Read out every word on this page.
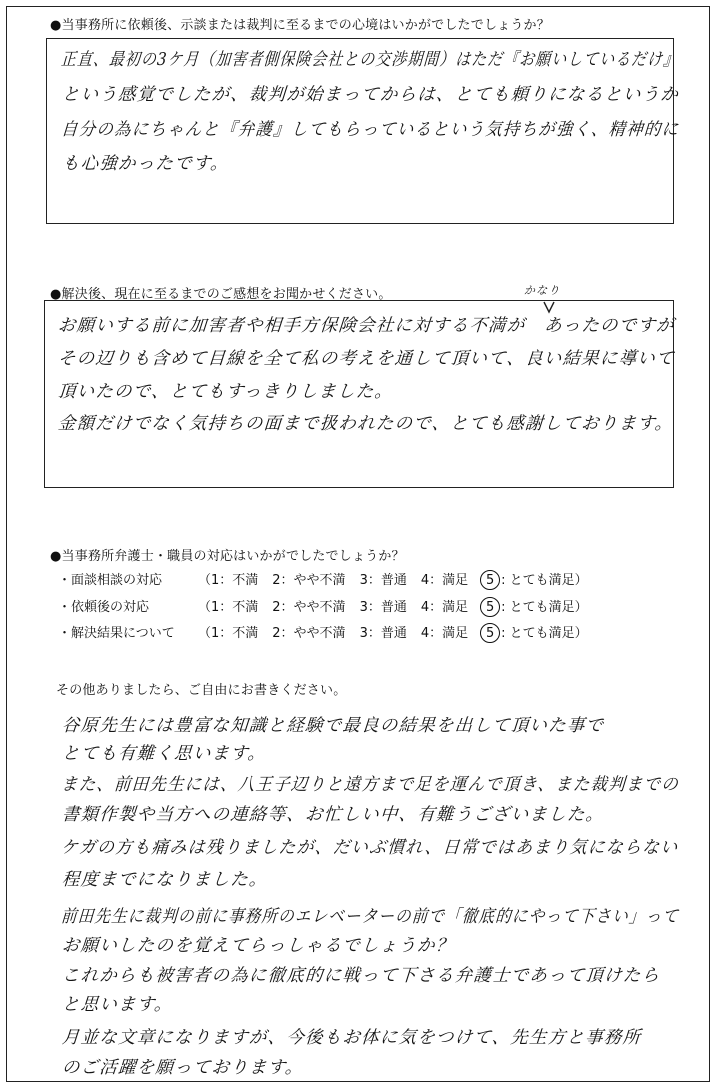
●当事務所に依頼後、示談または裁判に至るまでの心境はいかがでしたでしょうか？
正直、最初の3ケ月（加害者側保険会社との交渉期間）はただ『お願いしているだけ』
という感覚でしたが、裁判が始まってからは、とても頼りになるというか
自分の為にちゃんと『弁護』してもらっているという気持ちが強く、精神的に
も心強かったです。
●解決後、現在に至るまでのご感想をお聞かせください。	かなり
お願いする前に加害者や相手方保険会社に対する不満が　あったのですが
その辺りも含めて目線を全て私の考えを通して頂いて、良い結果に導いて
頂いたので、とてもすっきりしました。
金額だけでなく気持ちの面まで扱われたので、とても感謝しております。
●当事務所弁護士・職員の対応はいかがでしたでしょうか？
・面談相談の対応	（1：不満 2：やや不満 3：普通 4：満足 5 : とても満足）
・依頼後の対応	（1：不満 2：やや不満 3：普通 4：満足 5 : とても満足）
・解決結果について （1：不満 2：やや不満 3：普通 4：満足 5 : とても満足）
その他ありましたら、ご自由にお書きください。
谷原先生には豊富な知識と経験で最良の結果を出して頂いた事で
とても有難く思います。
また、前田先生には、八王子辺りと遠方まで足を運んで頂き、また裁判までの
書類作製や当方への連絡等、お忙しい中、有難うございました。
ケガの方も痛みは残りましたが、だいぶ慣れ、日常ではあまり気にならない
程度までになりました。
前田先生に裁判の前に事務所のエレベーターの前で「徹底的にやって下さい」って
お願いしたのを覚えてらっしゃるでしょうか？
これからも被害者の為に徹底的に戦って下さる弁護士であって頂けたら
と思います。
月並な文章になりますが、今後もお体に気をつけて、先生方と事務所
のご活躍を願っております。
